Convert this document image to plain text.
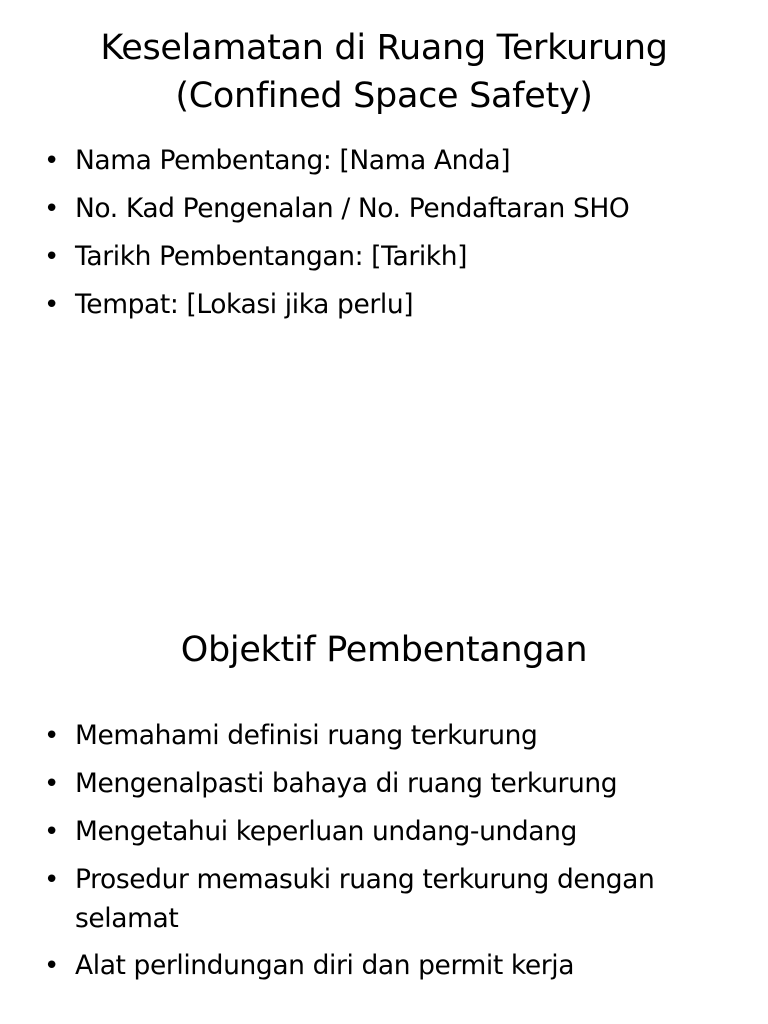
Keselamatan di Ruang Terkurung
(Confined Space Safety)
• Nama Pembentang: [Nama Anda]
• No. Kad Pengenalan / No. Pendaftaran SHO
• Tarikh Pembentangan: [Tarikh]
• Tempat: [Lokasi jika perlu]
Objektif Pembentangan
• Memahami definisi ruang terkurung
• Mengenalpasti bahaya di ruang terkurung
• Mengetahui keperluan undang-undang
• Prosedur memasuki ruang terkurung dengan selamat
• Alat perlindungan diri dan permit kerja
